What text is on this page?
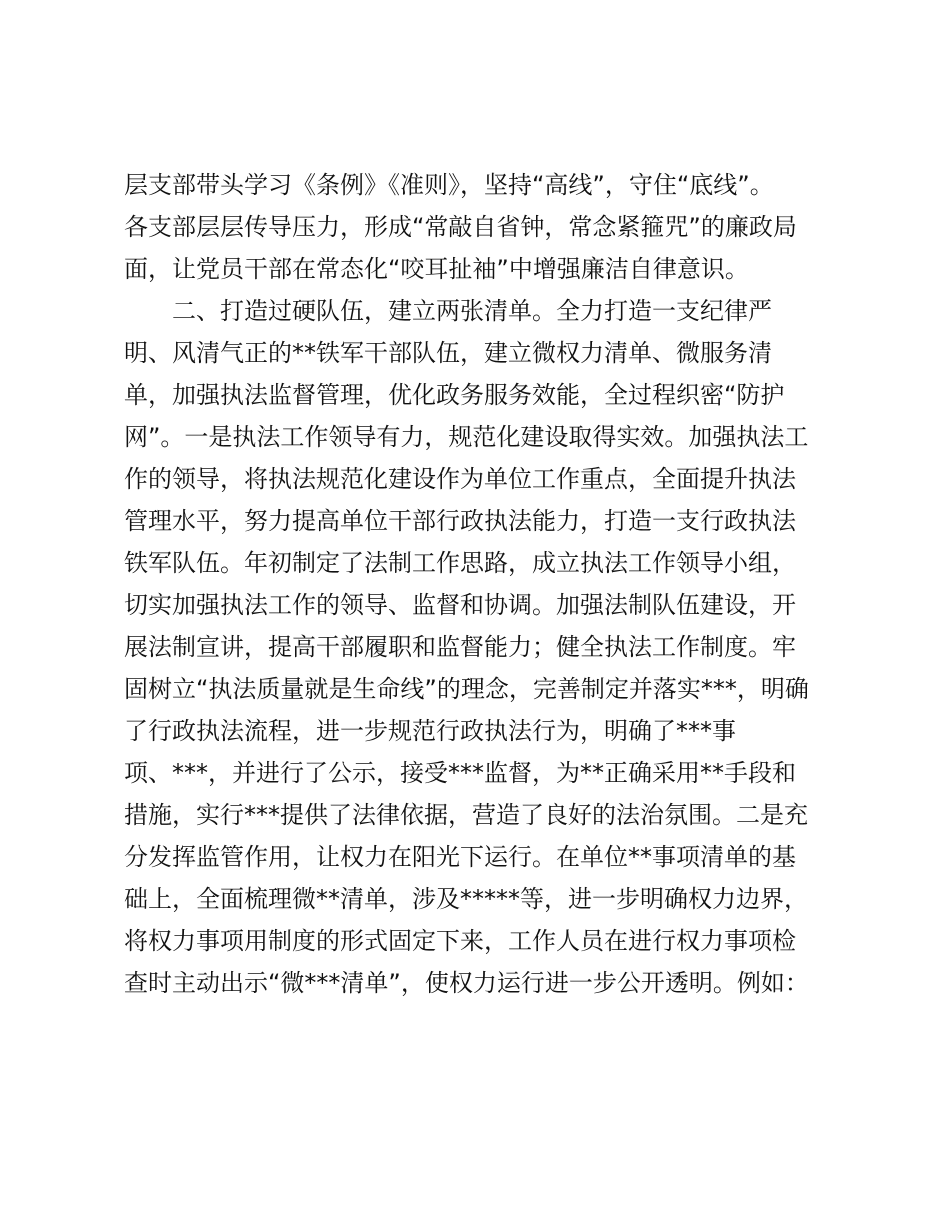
层支部带头学习《条例》《准则》，坚持“高线”，守住“底线”。
各支部层层传导压力，形成“常敲自省钟，常念紧箍咒”的廉政局
面，让党员干部在常态化“咬耳扯袖”中增强廉洁自律意识。
　　二、打造过硬队伍，建立两张清单。全力打造一支纪律严
明、风清气正的**铁军干部队伍，建立微权力清单、微服务清
单，加强执法监督管理，优化政务服务效能，全过程织密“防护
网”。一是执法工作领导有力，规范化建设取得实效。加强执法工
作的领导，将执法规范化建设作为单位工作重点，全面提升执法
管理水平，努力提高单位干部行政执法能力，打造一支行政执法
铁军队伍。年初制定了法制工作思路，成立执法工作领导小组，
切实加强执法工作的领导、监督和协调。加强法制队伍建设，开
展法制宣讲，提高干部履职和监督能力；健全执法工作制度。牢
固树立“执法质量就是生命线”的理念，完善制定并落实***，明确
了行政执法流程，进一步规范行政执法行为，明确了***事
项、***，并进行了公示，接受***监督，为**正确采用**手段和
措施，实行***提供了法律依据，营造了良好的法治氛围。二是充
分发挥监管作用，让权力在阳光下运行。在单位**事项清单的基
础上，全面梳理微**清单，涉及*****等，进一步明确权力边界，
将权力事项用制度的形式固定下来，工作人员在进行权力事项检
查时主动出示“微***清单”，使权力运行进一步公开透明。例如：
